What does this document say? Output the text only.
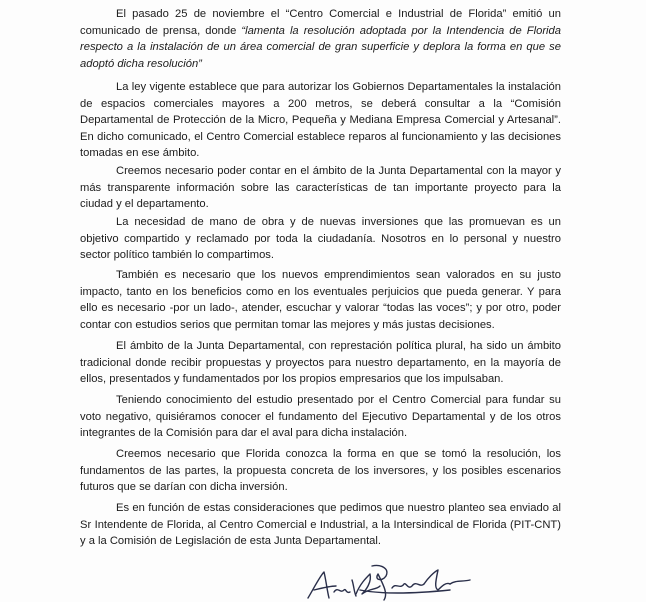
El pasado 25 de noviembre el “Centro Comercial e Industrial de Florida” emitió un comunicado de prensa, donde “lamenta la resolución adoptada por la Intendencia de Florida respecto a la instalación de un área comercial de gran superficie y deplora la forma en que se adoptó dicha resolución”

La ley vigente establece que para autorizar los Gobiernos Departamentales la instalación de espacios comerciales mayores a 200 metros, se deberá consultar a la “Comisión Departamental de Protección de la Micro, Pequeña y Mediana Empresa Comercial y Artesanal”. En dicho comunicado, el Centro Comercial establece reparos al funcionamiento y las decisiones tomadas en ese ámbito.

Creemos necesario poder contar en el ámbito de la Junta Departamental con la mayor y más transparente información sobre las características de tan importante proyecto para la ciudad y el departamento.

La necesidad de mano de obra y de nuevas inversiones que las promuevan es un objetivo compartido y reclamado por toda la ciudadanía. Nosotros en lo personal y nuestro sector político también lo compartimos.

También es necesario que los nuevos emprendimientos sean valorados en su justo impacto, tanto en los beneficios como en los eventuales perjuicios que pueda generar. Y para ello es necesario -por un lado-, atender, escuchar y valorar “todas las voces”; y por otro, poder contar con estudios serios que permitan tomar las mejores y más justas decisiones.

El ámbito de la Junta Departamental, con represtación política plural, ha sido un ámbito tradicional donde recibir propuestas y proyectos para nuestro departamento, en la mayoría de ellos, presentados y fundamentados por los propios empresarios que los impulsaban.

Teniendo conocimiento del estudio presentado por el Centro Comercial para fundar su voto negativo, quisiéramos conocer el fundamento del Ejecutivo Departamental y de los otros integrantes de la Comisión para dar el aval para dicha instalación.

Creemos necesario que Florida conozca la forma en que se tomó la resolución, los fundamentos de las partes, la propuesta concreta de los inversores, y los posibles escenarios futuros que se darían con dicha inversión.

Es en función de estas consideraciones que pedimos que nuestro planteo sea enviado al Sr Intendente de Florida, al Centro Comercial e Industrial, a la Intersindical de Florida (PIT-CNT) y a la Comisión de Legislación de esta Junta Departamental.
